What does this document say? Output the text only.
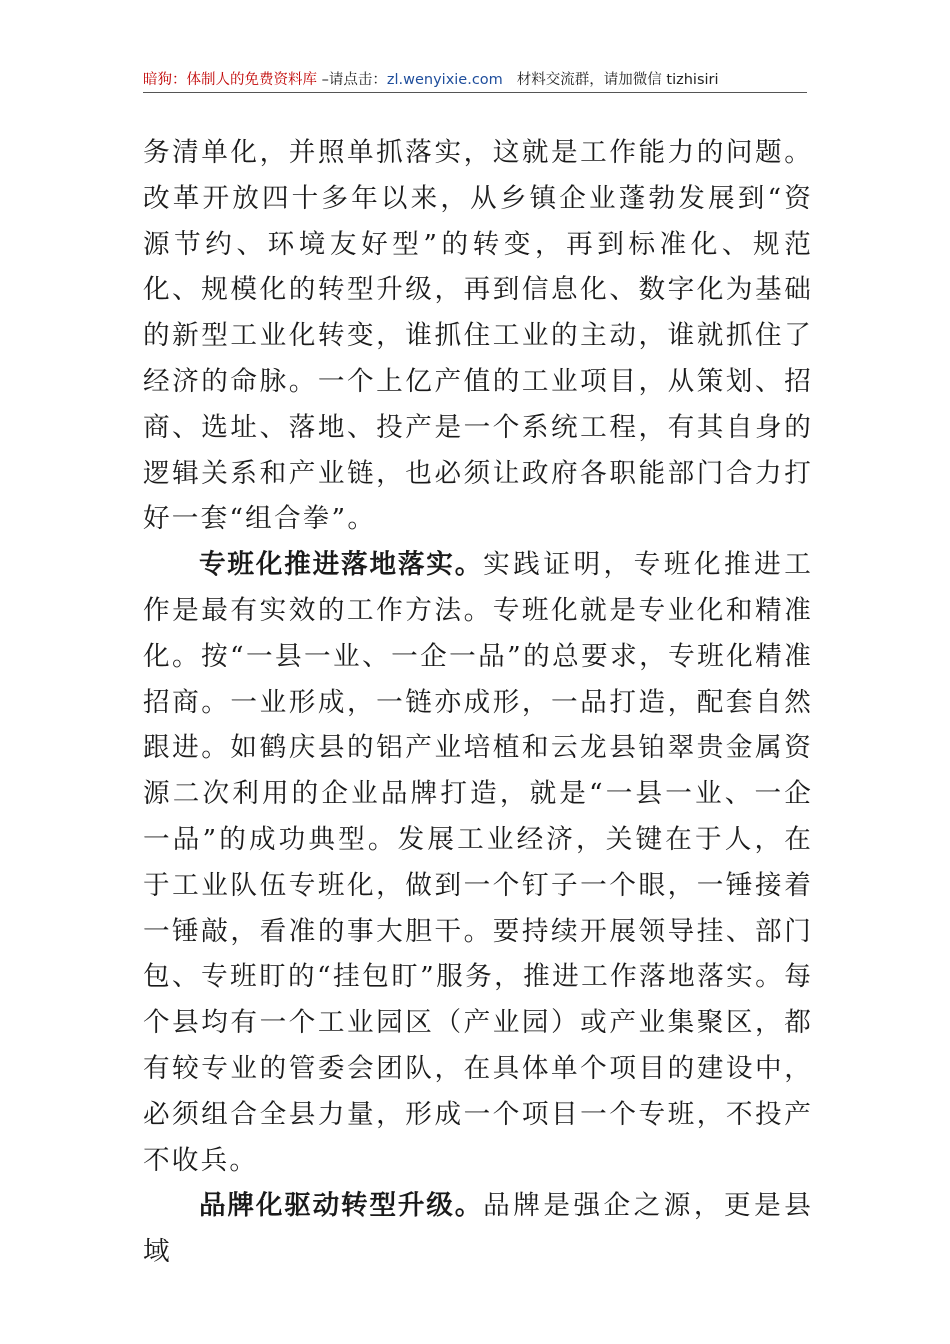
暗狗：体制人的免费资料库 –请点击：zl.wenyixie.com 材料交流群，请加微信 tizhisiri

务清单化，并照单抓落实，这就是工作能力的问题。改革开放四十多年以来，从乡镇企业蓬勃发展到“资源节约、环境友好型”的转变，再到标准化、规范化、规模化的转型升级，再到信息化、数字化为基础的新型工业化转变，谁抓住工业的主动，谁就抓住了经济的命脉。一个上亿产值的工业项目，从策划、招商、选址、落地、投产是一个系统工程，有其自身的逻辑关系和产业链，也必须让政府各职能部门合力打好一套“组合拳”。

专班化推进落地落实。实践证明，专班化推进工作是最有实效的工作方法。专班化就是专业化和精准化。按“一县一业、一企一品”的总要求，专班化精准招商。一业形成，一链亦成形，一品打造，配套自然跟进。如鹤庆县的铝产业培植和云龙县铂翠贵金属资源二次利用的企业品牌打造，就是“一县一业、一企一品”的成功典型。发展工业经济，关键在于人，在于工业队伍专班化，做到一个钉子一个眼，一锤接着一锤敲，看准的事大胆干。要持续开展领导挂、部门包、专班盯的“挂包盯”服务，推进工作落地落实。每个县均有一个工业园区（产业园）或产业集聚区，都有较专业的管委会团队，在具体单个项目的建设中，必须组合全县力量，形成一个项目一个专班，不投产不收兵。

品牌化驱动转型升级。品牌是强企之源，更是县域
